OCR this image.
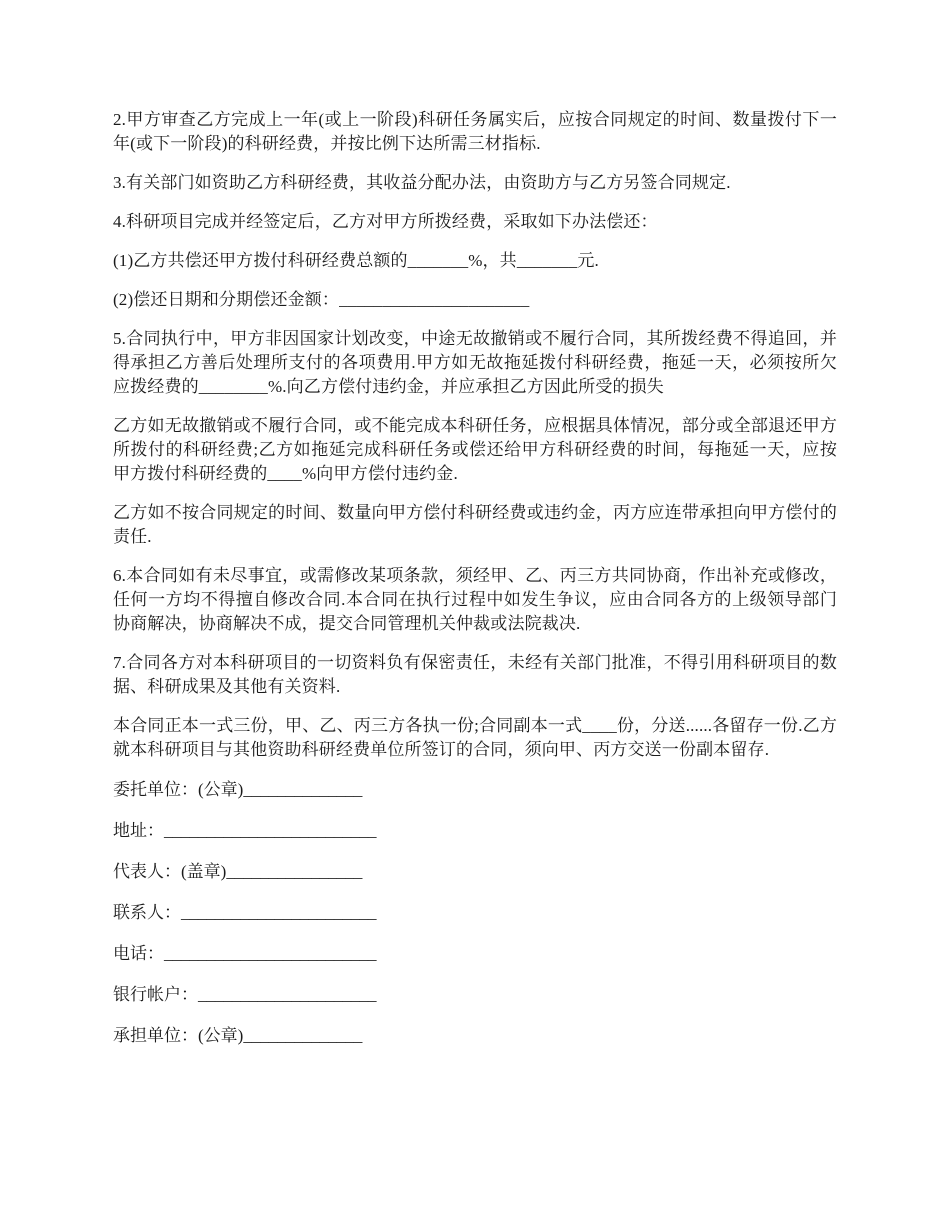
2.甲方审查乙方完成上一年(或上一阶段)科研任务属实后，应按合同规定的时间、数量拨付下一年(或下一阶段)的科研经费，并按比例下达所需三材指标.

3.有关部门如资助乙方科研经费，其收益分配办法，由资助方与乙方另签合同规定.

4.科研项目完成并经签定后，乙方对甲方所拨经费，采取如下办法偿还：

(1)乙方共偿还甲方拨付科研经费总额的_______%，共_______元.

(2)偿还日期和分期偿还金额：______________________

5.合同执行中，甲方非因国家计划改变，中途无故撤销或不履行合同，其所拨经费不得追回，并得承担乙方善后处理所支付的各项费用.甲方如无故拖延拨付科研经费，拖延一天，必须按所欠应拨经费的________%.向乙方偿付违约金，并应承担乙方因此所受的损失

乙方如无故撤销或不履行合同，或不能完成本科研任务，应根据具体情况，部分或全部退还甲方所拨付的科研经费;乙方如拖延完成科研任务或偿还给甲方科研经费的时间，每拖延一天，应按甲方拨付科研经费的____%向甲方偿付违约金.

乙方如不按合同规定的时间、数量向甲方偿付科研经费或违约金，丙方应连带承担向甲方偿付的责任.

6.本合同如有未尽事宜，或需修改某项条款，须经甲、乙、丙三方共同协商，作出补充或修改，任何一方均不得擅自修改合同.本合同在执行过程中如发生争议，应由合同各方的上级领导部门协商解决，协商解决不成，提交合同管理机关仲裁或法院裁决.

7.合同各方对本科研项目的一切资料负有保密责任，未经有关部门批准，不得引用科研项目的数据、科研成果及其他有关资料.

本合同正本一式三份，甲、乙、丙三方各执一份;合同副本一式____份，分送......各留存一份.乙方就本科研项目与其他资助科研经费单位所签订的合同，须向甲、丙方交送一份副本留存.

委托单位：(公章)______________
地址：_________________________
代表人：(盖章)________________
联系人：_______________________
电话：_________________________
银行帐户：_____________________
承担单位：(公章)______________
